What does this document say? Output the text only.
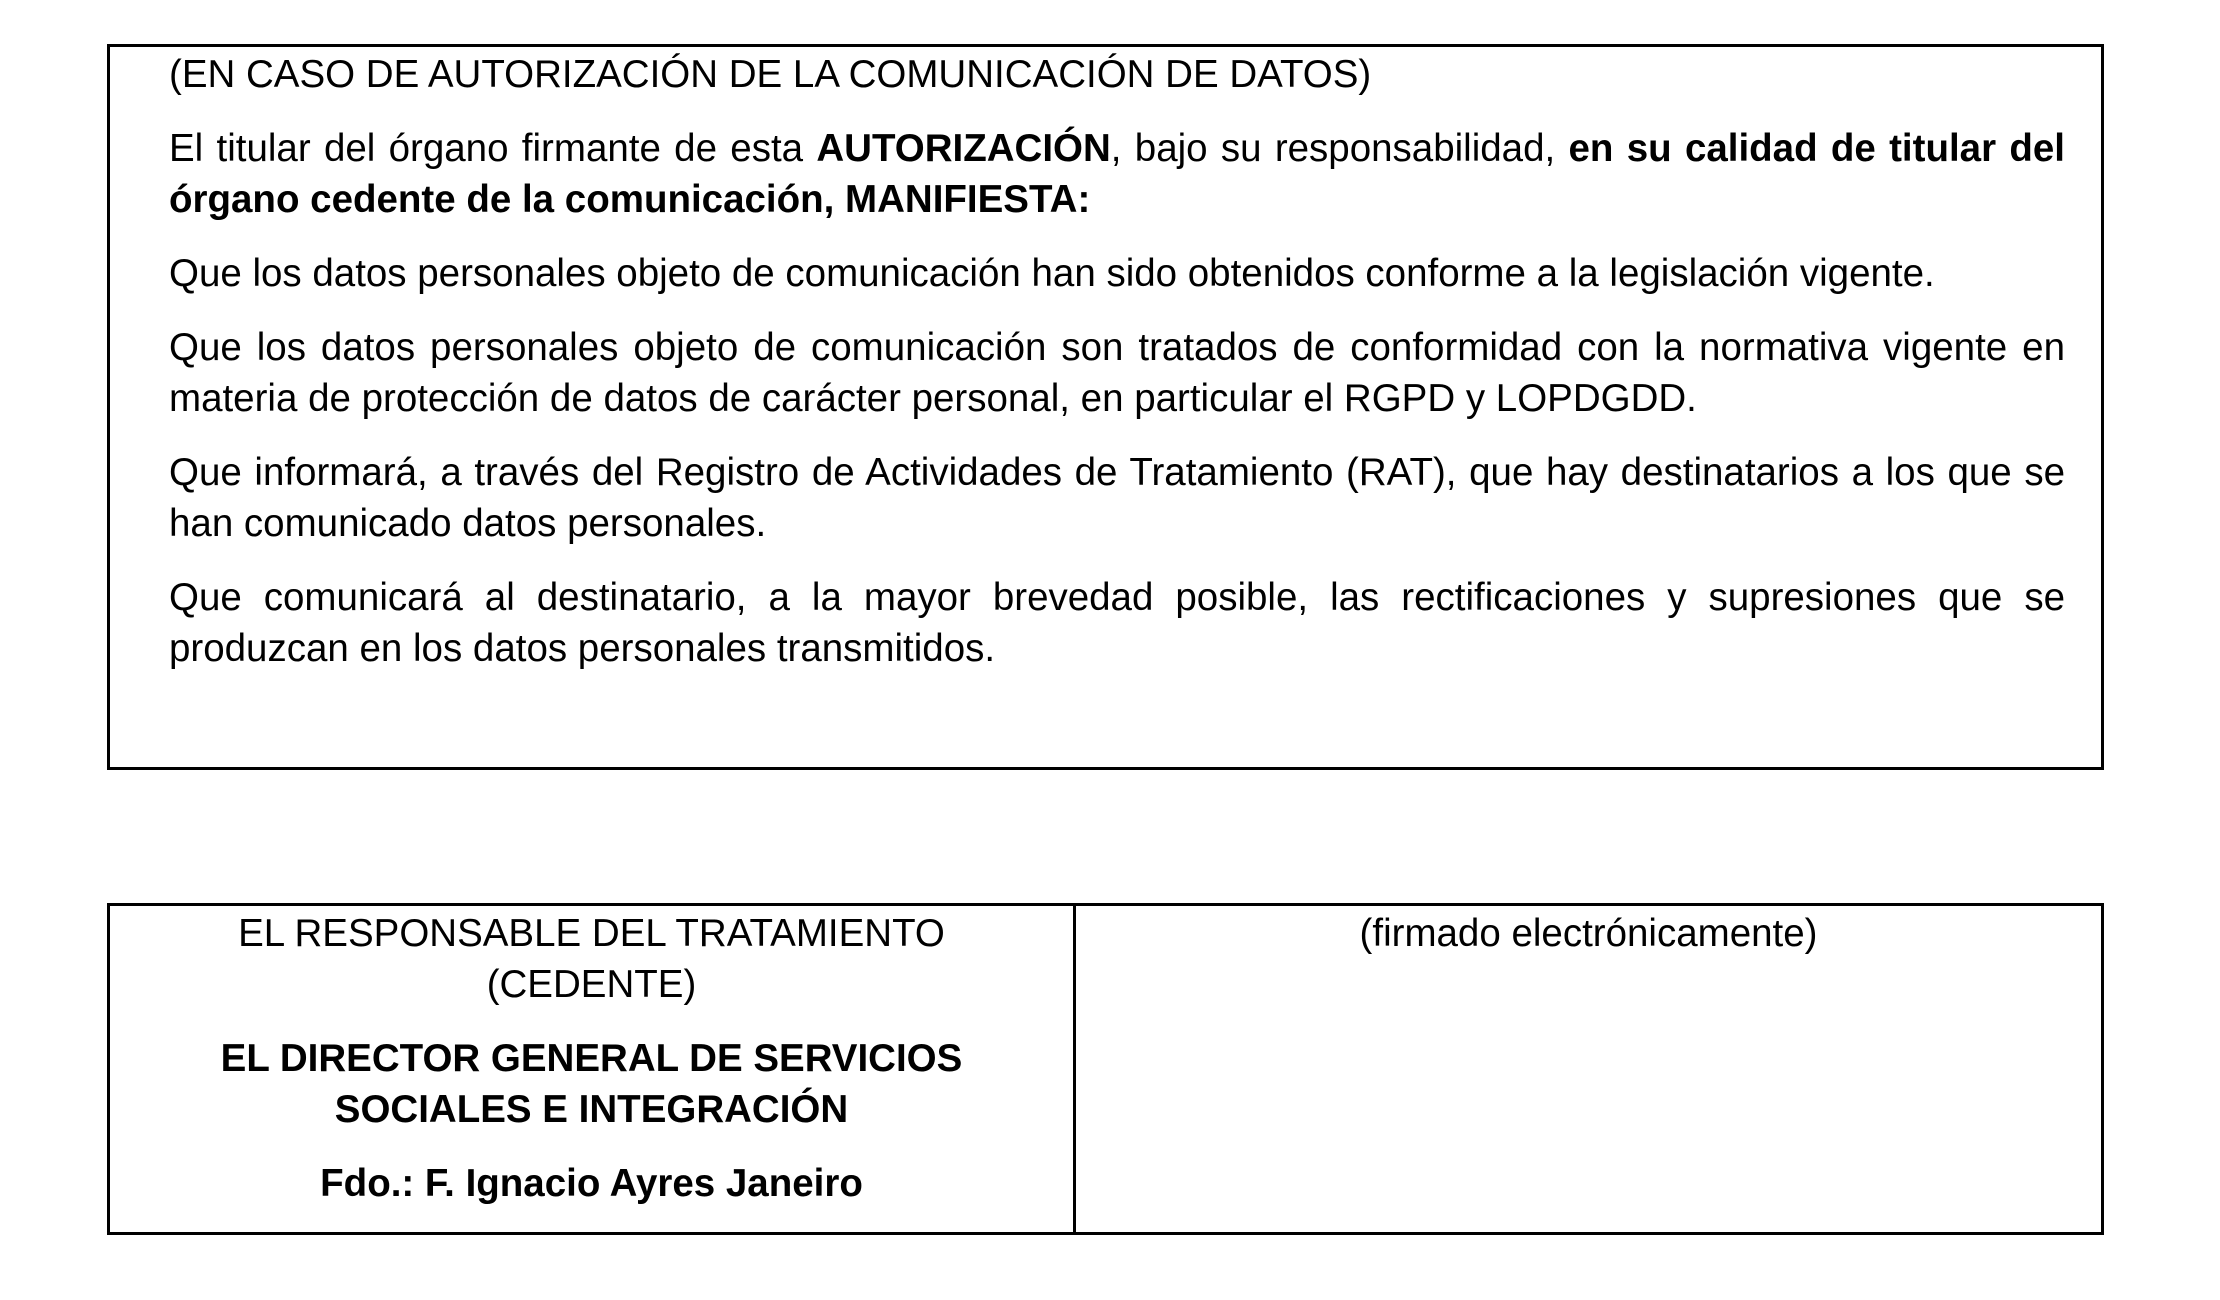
(EN CASO DE AUTORIZACIÓN DE LA COMUNICACIÓN DE DATOS)

El titular del órgano firmante de esta AUTORIZACIÓN, bajo su responsabilidad, en su calidad de titular del órgano cedente de la comunicación, MANIFIESTA:

Que los datos personales objeto de comunicación han sido obtenidos conforme a la legislación vigente.

Que los datos personales objeto de comunicación son tratados de conformidad con la normativa vigente en materia de protección de datos de carácter personal, en particular el RGPD y LOPDGDD.

Que informará, a través del Registro de Actividades de Tratamiento (RAT), que hay destinatarios a los que se han comunicado datos personales.

Que comunicará al destinatario, a la mayor brevedad posible, las rectificaciones y supresiones que se produzcan en los datos personales transmitidos.

EL RESPONSABLE DEL TRATAMIENTO

(CEDENTE)

EL DIRECTOR GENERAL DE SERVICIOS

SOCIALES E INTEGRACIÓN

Fdo.: F. Ignacio Ayres Janeiro

(firmado electrónicamente)
